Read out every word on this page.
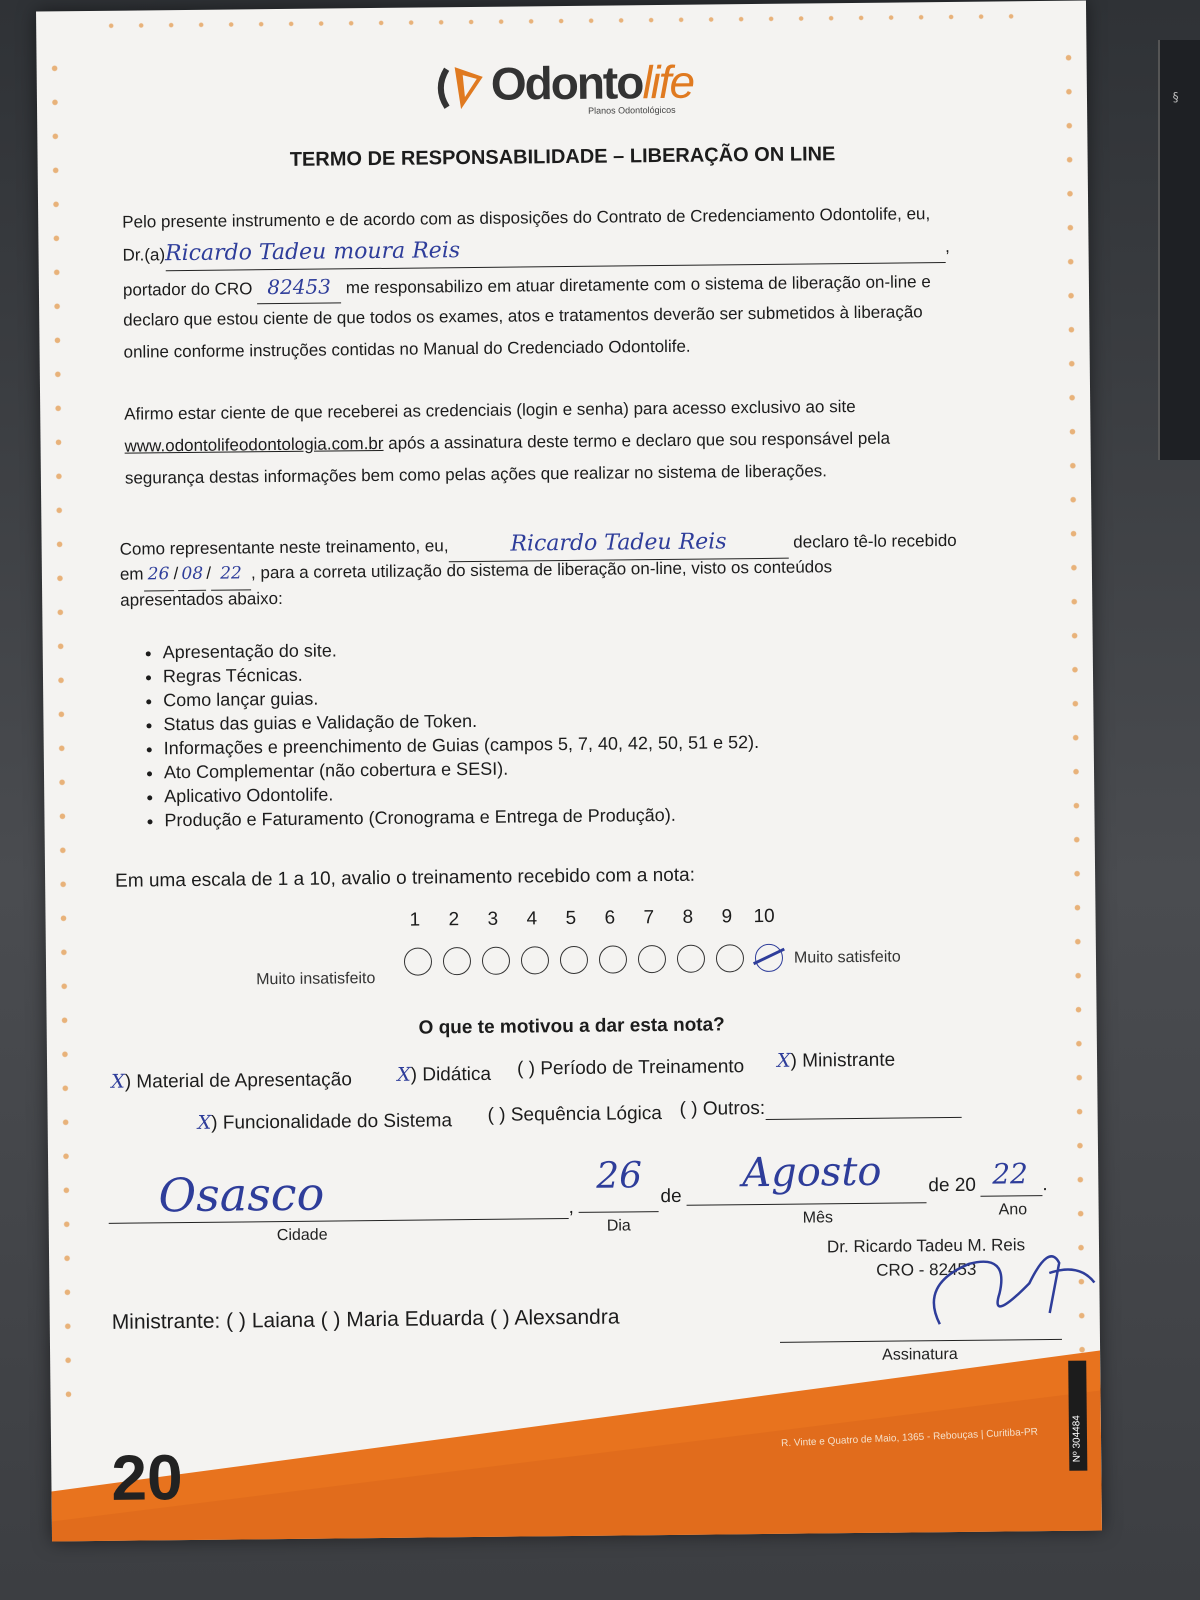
§
Odontolife
Planos Odontológicos
TERMO DE RESPONSABILIDADE – LIBERAÇÃO ON LINE
Pelo presente instrumento e de acordo com as disposições do Contrato de Credenciamento Odontolife, eu,
Dr.(a)Ricardo Tadeu moura Reis	,
portador do CRO 82453 me responsabilizo em atuar diretamente com o sistema de liberação on-line e
declaro que estou ciente de que todos os exames, atos e tratamentos deverão ser submetidos à liberação
online conforme instruções contidas no Manual do Credenciado Odontolife.
Afirmo estar ciente de que receberei as credenciais (login e senha) para acesso exclusivo ao site
www.odontolifeodontologia.com.br após a assinatura deste termo e declaro que sou responsável pela
segurança destas informações bem como pelas ações que realizar no sistema de liberações.
Como representante neste treinamento, eu,	Ricardo Tadeu Reis	declaro tê-lo recebido
em 26 / 08 / 22 , para a correta utilização do sistema de liberação on-line, visto os conteúdos
apresentados abaixo:
• Apresentação do site.
• Regras Técnicas.
• Como lançar guias.
• Status das guias e Validação de Token.
• Informações e preenchimento de Guias (campos 5, 7, 40, 42, 50, 51 e 52).
• Ato Complementar (não cobertura e SESI).
• Aplicativo Odontolife.
• Produção e Faturamento (Cronograma e Entrega de Produção).
Em uma escala de 1 a 10, avalio o treinamento recebido com a nota:
1 2 3 4 5 6 7 8 9 10
Muito insatisfeito
Muito satisfeito
O que te motivou a dar esta nota?
X) Material de Apresentação X) Didática ( ) Período de Treinamento X) Ministrante
X) Funcionalidade do Sistema ( ) Sequência Lógica ( ) Outros:
Osasco
Cidade
,
26
Dia
de
Agosto
Mês
de 20 22 .
Ano
Dr. Ricardo Tadeu M. Reis
CRO - 82453
Assinatura
Ministrante: ( ) Laiana ( ) Maria Eduarda ( ) Alexsandra
20
R. Vinte e Quatro de Maio, 1365 - Rebouças | Curitiba-PR	Nº 304484
